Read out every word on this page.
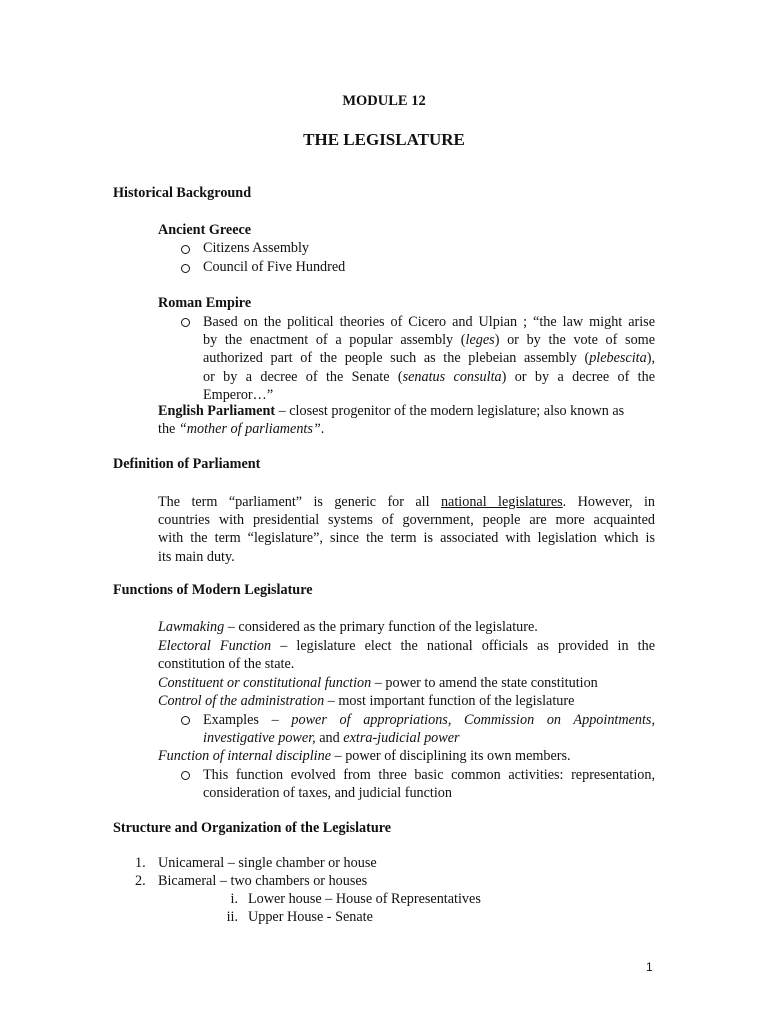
MODULE 12
THE LEGISLATURE
Historical Background
Ancient Greece
Citizens Assembly
Council of Five Hundred
Roman Empire
Based on the political theories of Cicero and Ulpian ; “the law might arise
by the enactment of a popular assembly (leges) or by the vote of some
authorized part of the people such as the plebeian assembly (plebescita),
or by a decree of the Senate (senatus consulta) or by a decree of the
Emperor…”
English Parliament – closest progenitor of the modern legislature; also known as
the “mother of parliaments”.
Definition of Parliament
The term “parliament” is generic for all national legislatures. However, in
countries with presidential systems of government, people are more acquainted
with the term “legislature”, since the term is associated with legislation which is
its main duty.
Functions of Modern Legislature
Lawmaking – considered as the primary function of the legislature.
Electoral Function – legislature elect the national officials as provided in the
constitution of the state.
Constituent or constitutional function – power to amend the state constitution
Control of the administration – most important function of the legislature
Examples – power of appropriations, Commission on Appointments,
investigative power, and extra-judicial power
Function of internal discipline – power of disciplining its own members.
This function evolved from three basic common activities: representation,
consideration of taxes, and judicial function
Structure and Organization of the Legislature
1. Unicameral – single chamber or house
2. Bicameral – two chambers or houses
i. Lower house – House of Representatives
ii. Upper House - Senate
1
